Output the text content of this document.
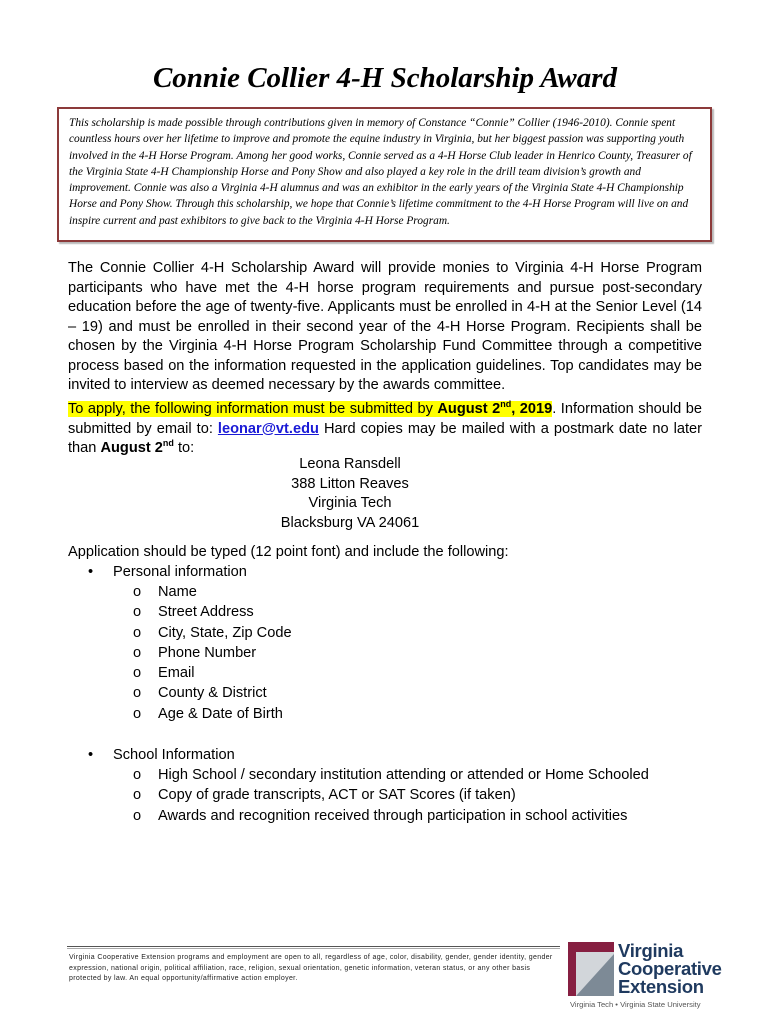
Connie Collier 4-H Scholarship Award

This scholarship is made possible through contributions given in memory of Constance “Connie” Collier (1946-2010). Connie spent countless hours over her lifetime to improve and promote the equine industry in Virginia, but her biggest passion was supporting youth involved in the 4-H Horse Program. Among her good works, Connie served as a 4-H Horse Club leader in Henrico County, Treasurer of the Virginia State 4-H Championship Horse and Pony Show and also played a key role in the drill team division’s growth and improvement. Connie was also a Virginia 4-H alumnus and was an exhibitor in the early years of the Virginia State 4-H Championship Horse and Pony Show. Through this scholarship, we hope that Connie’s lifetime commitment to the 4-H Horse Program will live on and inspire current and past exhibitors to give back to the Virginia 4-H Horse Program.

The Connie Collier 4-H Scholarship Award will provide monies to Virginia 4-H Horse Program participants who have met the 4-H horse program requirements and pursue post-secondary education before the age of twenty-five. Applicants must be enrolled in 4-H at the Senior Level (14 – 19) and must be enrolled in their second year of the 4-H Horse Program. Recipients shall be chosen by the Virginia 4-H Horse Program Scholarship Fund Committee through a competitive process based on the information requested in the application guidelines. Top candidates may be invited to interview as deemed necessary by the awards committee.

To apply, the following information must be submitted by August 2nd, 2019. Information should be submitted by email to: leonar@vt.edu Hard copies may be mailed with a postmark date no later than August 2nd to:

Leona Ransdell
388 Litton Reaves
Virginia Tech
Blacksburg VA 24061

Application should be typed (12 point font) and include the following:

• Personal information
o Name
o Street Address
o City, State, Zip Code
o Phone Number
o Email
o County & District
o Age & Date of Birth
• School Information
o High School / secondary institution attending or attended or Home Schooled
o Copy of grade transcripts, ACT or SAT Scores (if taken)
o Awards and recognition received through participation in school activities

Virginia Cooperative Extension programs and employment are open to all, regardless of age, color, disability, gender, gender identity, gender expression, national origin, political affiliation, race, religion, sexual orientation, genetic information, veteran status, or any other basis protected by law. An equal opportunity/affirmative action employer.

Virginia
Cooperative
Extension
Virginia Tech • Virginia State University
